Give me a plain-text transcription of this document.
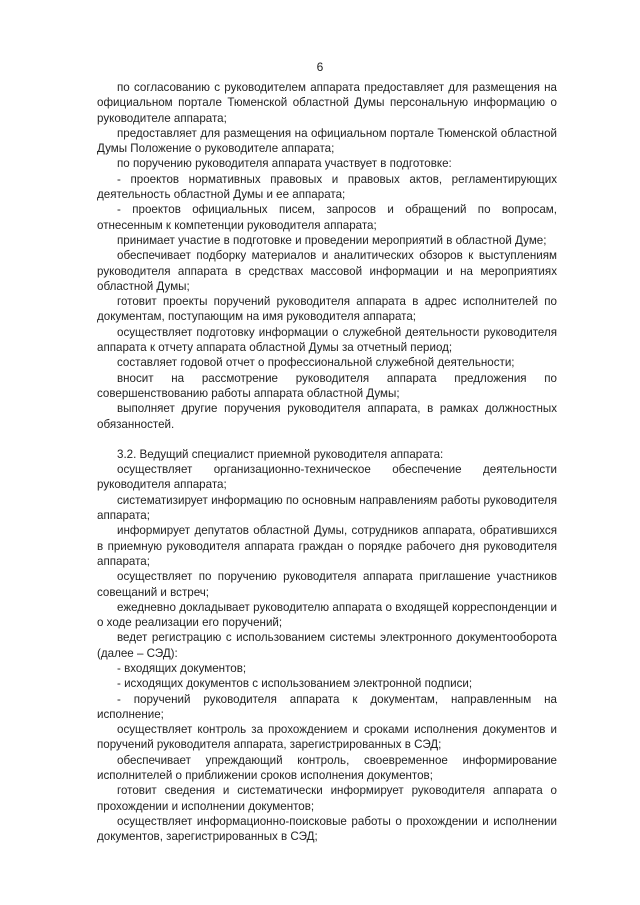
6

по согласованию с руководителем аппарата предоставляет для размещения на официальном портале Тюменской областной Думы персональную информацию о руководителе аппарата;

предоставляет для размещения на официальном портале Тюменской областной Думы Положение о руководителе аппарата;

по поручению руководителя аппарата участвует в подготовке:

- проектов нормативных правовых и правовых актов, регламентирующих деятельность областной Думы и ее аппарата;

- проектов официальных писем, запросов и обращений по вопросам, отнесенным к компетенции руководителя аппарата;

принимает участие в подготовке и проведении мероприятий в областной Думе;

обеспечивает подборку материалов и аналитических обзоров к выступлениям руководителя аппарата в средствах массовой информации и на мероприятиях областной Думы;

готовит проекты поручений руководителя аппарата в адрес исполнителей по документам, поступающим на имя руководителя аппарата;

осуществляет подготовку информации о служебной деятельности руководителя аппарата к отчету аппарата областной Думы за отчетный период;

составляет годовой отчет о профессиональной служебной деятельности;

вносит на рассмотрение руководителя аппарата предложения по совершенствованию работы аппарата областной Думы;

выполняет другие поручения руководителя аппарата, в рамках должностных обязанностей.

3.2. Ведущий специалист приемной руководителя аппарата:

осуществляет организационно-техническое обеспечение деятельности руководителя аппарата;

систематизирует информацию по основным направлениям работы руководителя аппарата;

информирует депутатов областной Думы, сотрудников аппарата, обратившихся в приемную руководителя аппарата граждан о порядке рабочего дня руководителя аппарата;

осуществляет по поручению руководителя аппарата приглашение участников совещаний и встреч;

ежедневно докладывает руководителю аппарата о входящей корреспонденции и о ходе реализации его поручений;

ведет регистрацию с использованием системы электронного документооборота (далее – СЭД):

- входящих документов;

- исходящих документов с использованием электронной подписи;

- поручений руководителя аппарата к документам, направленным на исполнение;

осуществляет контроль за прохождением и сроками исполнения документов и поручений руководителя аппарата, зарегистрированных в СЭД;

обеспечивает упреждающий контроль, своевременное информирование исполнителей о приближении сроков исполнения документов;

готовит сведения и систематически информирует руководителя аппарата о прохождении и исполнении документов;

осуществляет информационно-поисковые работы о прохождении и исполнении документов, зарегистрированных в СЭД;
